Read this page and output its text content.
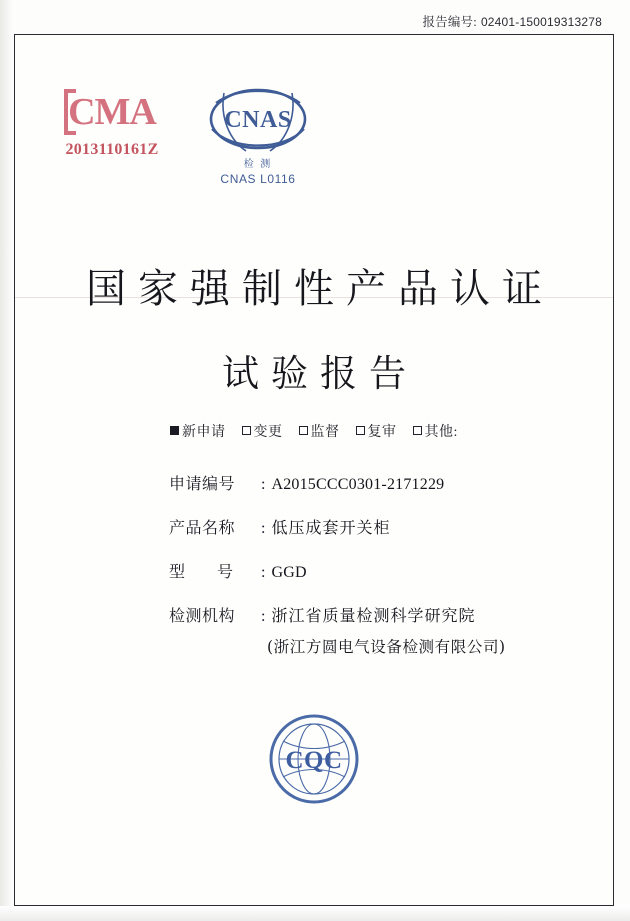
报告编号: 02401-150019313278
CMA
2013110161Z
CNAS
检 测
CNAS L0116
国家强制性产品认证
试验报告
新申请 变更 监督 复审 其他:
申请编号	: A2015CCC0301-2171229
产品名称	: 低压成套开关柜
型　　号	: GGD
检测机构	: 浙江省质量检测科学研究院
(浙江方圆电气设备检测有限公司)
CQC
